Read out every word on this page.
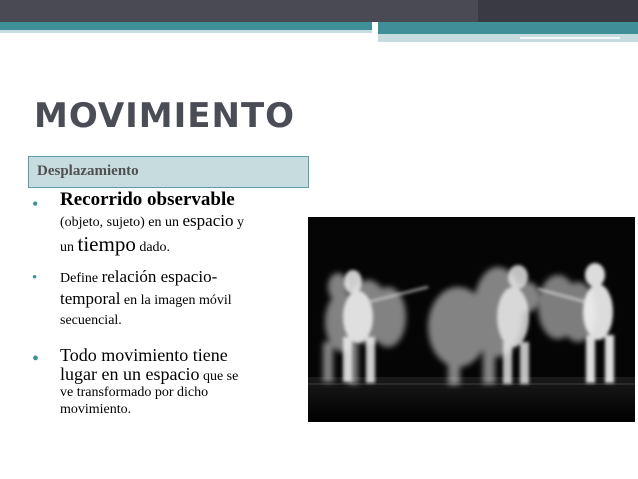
MOVIMIENTO
Desplazamiento
• Recorrido observable
(objeto, sujeto) en un espacio y
un tiempo dado.
• Define relación espacio-
temporal en la imagen móvil
secuencial.
• Todo movimiento tiene
lugar en un espacio que se
ve transformado por dicho
movimiento.
